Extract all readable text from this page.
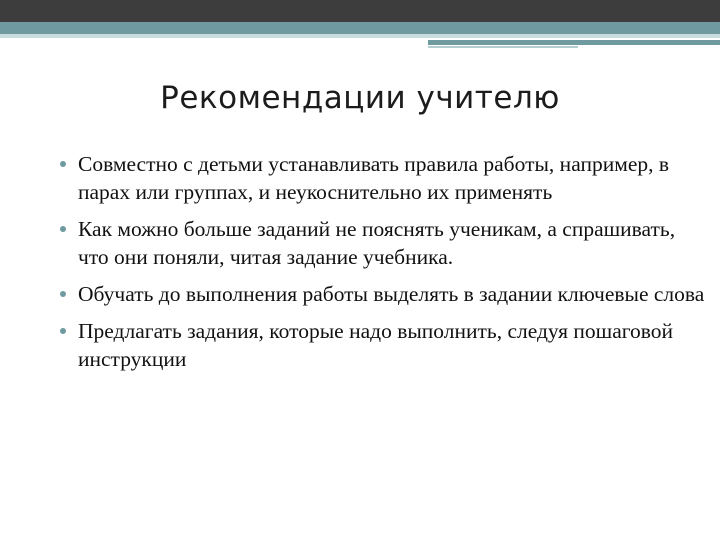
Рекомендации учителю
Совместно с детьми устанавливать правила работы, например, в парах или группах, и неукоснительно их применять
Как можно больше заданий не пояснять ученикам, а спрашивать, что они поняли, читая задание учебника.
Обучать до выполнения работы выделять в задании ключевые слова
Предлагать задания, которые надо выполнить, следуя пошаговой инструкции
